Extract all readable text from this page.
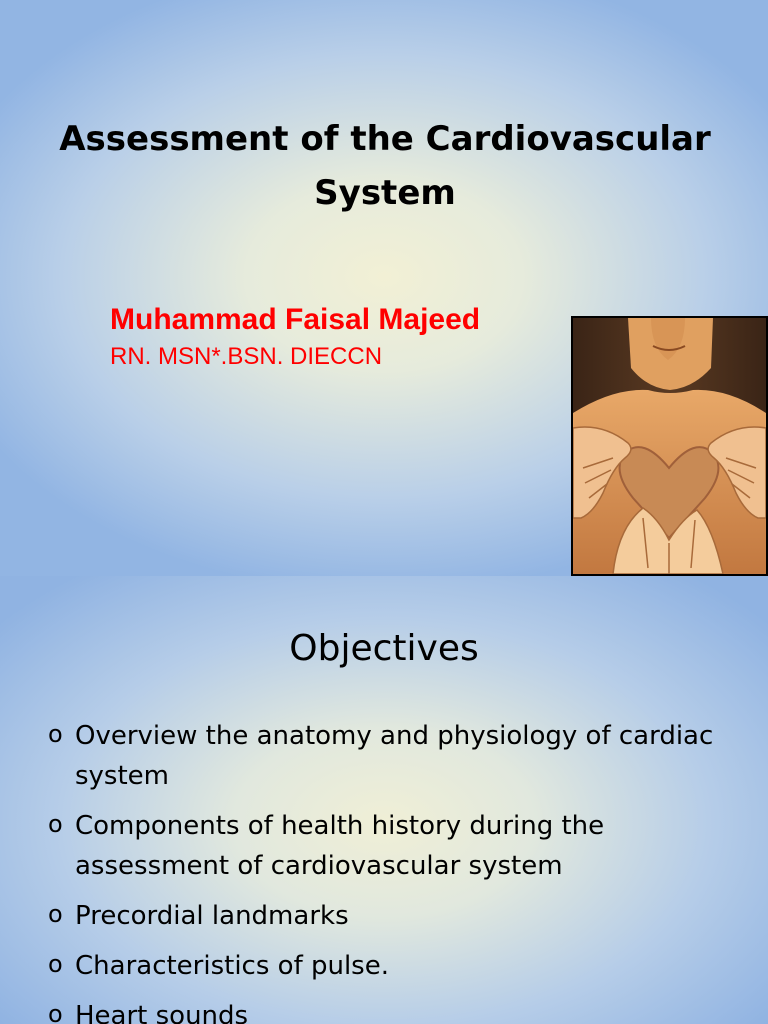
Assessment of the Cardiovascular System
Muhammad Faisal Majeed
RN. MSN*.BSN. DIECCN
Objectives
o Overview the anatomy and physiology of cardiac system
o Components of health history during the assessment of cardiovascular system
o Precordial landmarks
o Characteristics of pulse.
o Heart sounds
